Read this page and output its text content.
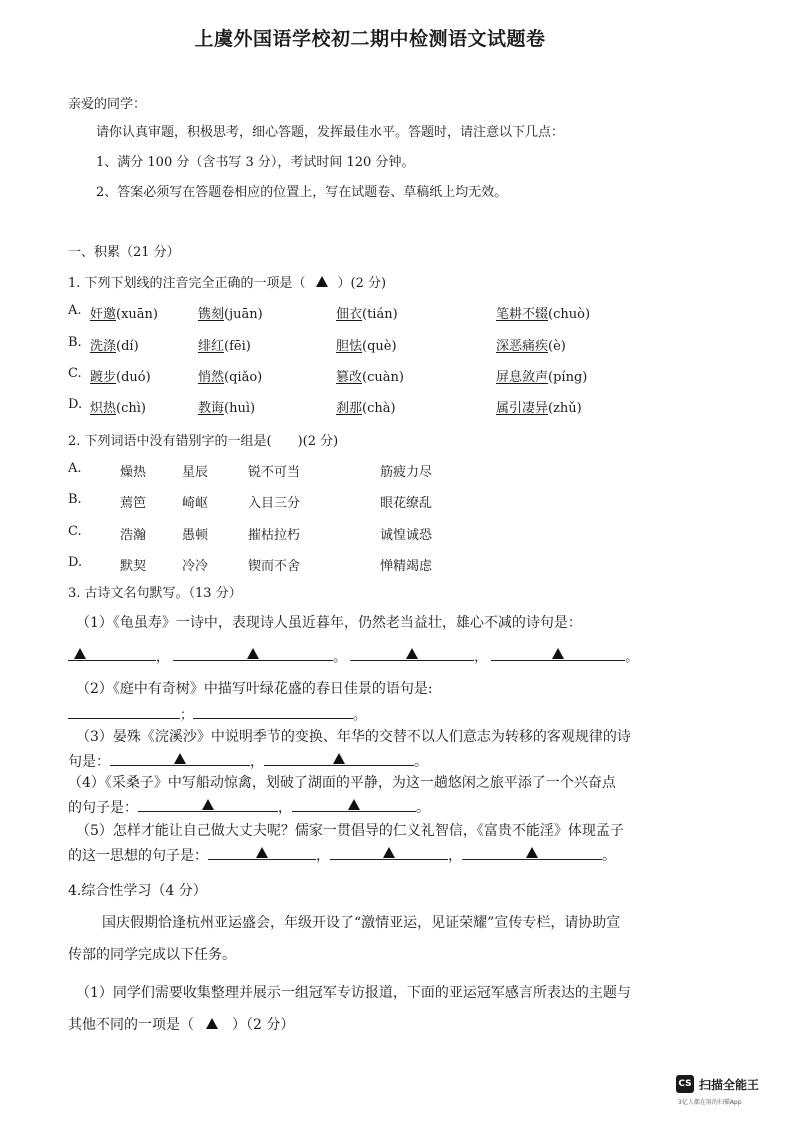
上虞外国语学校初二期中检测语文试题卷
亲爱的同学：
请你认真审题，积极思考，细心答题，发挥最佳水平。答题时，请注意以下几点：
1、满分 100 分（含书写 3 分），考试时间 120 分钟。
2、答案必须写在答题卷相应的位置上，写在试题卷、草稿纸上均无效。
一、积累（21 分）
1. 下列下划线的注音完全正确的一项是（ ）(2 分)
A. 奸邀(xuān)	镌刻(juān)	佃衣(tián)	笔耕不辍(chuò)
B. 洗涤(dí)	绯红(fēi)	胆怯(què)	深恶痛疾(è)
C. 踱步(duó)	悄然(qiǎo)	篡改(cuàn)	屏息敛声(píng)
D. 炽热(chì)	教诲(huì)	刹那(chà)	属引凄异(zhǔ)
2. 下列词语中没有错别字的一组是(　　)(2 分)
A.	燥热	星辰	锐不可当	筋疲力尽
B.	蔫笆	崎岖	入目三分	眼花缭乱
C.	浩瀚	愚顿	摧枯拉朽	诚惶诚恐
D.	默契	冷冷	锲而不舍	惮精竭虑
3. 古诗文名句默写。（13 分）
（1）《龟虽寿》一诗中，表现诗人虽近暮年，仍然老当益壮，雄心不减的诗句是：
，	。	，	。
（2）《庭中有奇树》中描写叶绿花盛的春日佳景的语句是:
；	。
（3）晏殊《浣溪沙》中说明季节的变换、年华的交替不以人们意志为转移的客观规律的诗
句是：	，	。
（4）《采桑子》中写船动惊禽，划破了湖面的平静，为这一趟悠闲之旅平添了一个兴奋点
的句子是：	，	。
（5）怎样才能让自己做大丈夫呢？儒家一贯倡导的仁义礼智信，《富贵不能淫》体现孟子
的这一思想的句子是：	，	，	。
4.综合性学习（4 分）
国庆假期恰逢杭州亚运盛会，年级开设了“激情亚运，见证荣耀”宣传专栏，请协助宣
传部的同学完成以下任务。
（1）同学们需要收集整理并展示一组冠军专访报道，下面的亚运冠军感言所表达的主题与
其他不同的一项是（	）（2 分）
CS 扫描全能王
3亿人都在用的扫描App
